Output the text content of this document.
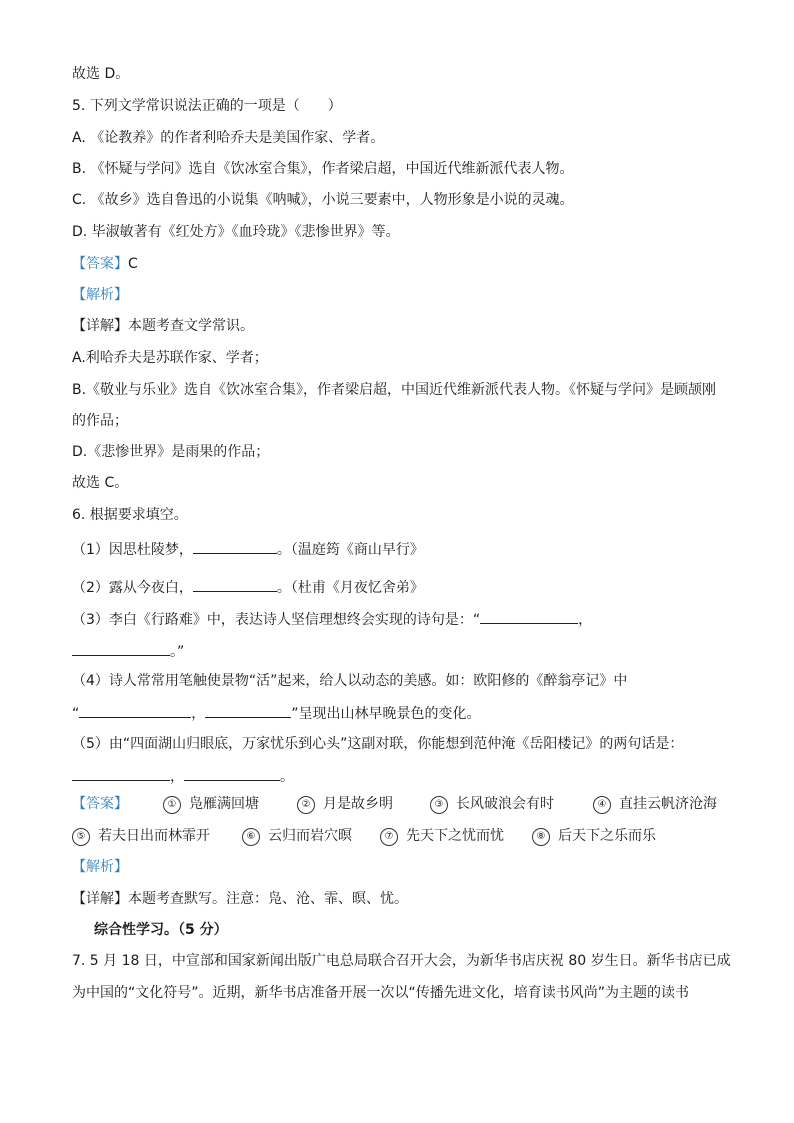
故选 D。
5. 下列文学常识说法正确的一项是（　　）
A. 《论教养》的作者利哈乔夫是美国作家、学者。
B. 《怀疑与学问》选自《饮冰室合集》，作者梁启超，中国近代维新派代表人物。
C. 《故乡》选自鲁迅的小说集《呐喊》，小说三要素中，人物形象是小说的灵魂。
D. 毕淑敏著有《红处方》《血玲珑》《悲惨世界》等。
【答案】C
【解析】
【详解】本题考查文学常识。
A.利哈乔夫是苏联作家、学者；
B.《敬业与乐业》选自《饮冰室合集》，作者梁启超，中国近代维新派代表人物。《怀疑与学问》是顾颉刚
的作品；
D.《悲惨世界》是雨果的作品；
故选 C。
6. 根据要求填空。
（1）因思杜陵梦，	。（温庭筠《商山早行》
（2）露从今夜白，	。（杜甫《月夜忆舍弟》
（3）李白《行路难》中，表达诗人坚信理想终会实现的诗句是：“	，
。”
（4）诗人常常用笔触使景物“活”起来，给人以动态的美感。如：欧阳修的《醉翁亭记》中
“	，	”呈现出山林早晚景色的变化。
（5）由“四面湖山归眼底，万家忧乐到心头”这副对联，你能想到范仲淹《岳阳楼记》的两句话是：
，	。
【答案】	① 凫雁满回塘	② 月是故乡明	③ 长风破浪会有时	④ 直挂云帆济沧海
⑤ 若夫日出而林霏开	⑥ 云归而岩穴暝	⑦ 先天下之忧而忧	⑧ 后天下之乐而乐
【解析】
【详解】本题考查默写。注意：凫、沧、霏、暝、忧。
综合性学习。（5 分）
7. 5 月 18 日，中宣部和国家新闻出版广电总局联合召开大会，为新华书店庆祝 80 岁生日。新华书店已成
为中国的“文化符号”。近期，新华书店准备开展一次以“传播先进文化，培育读书风尚”为主题的读书
